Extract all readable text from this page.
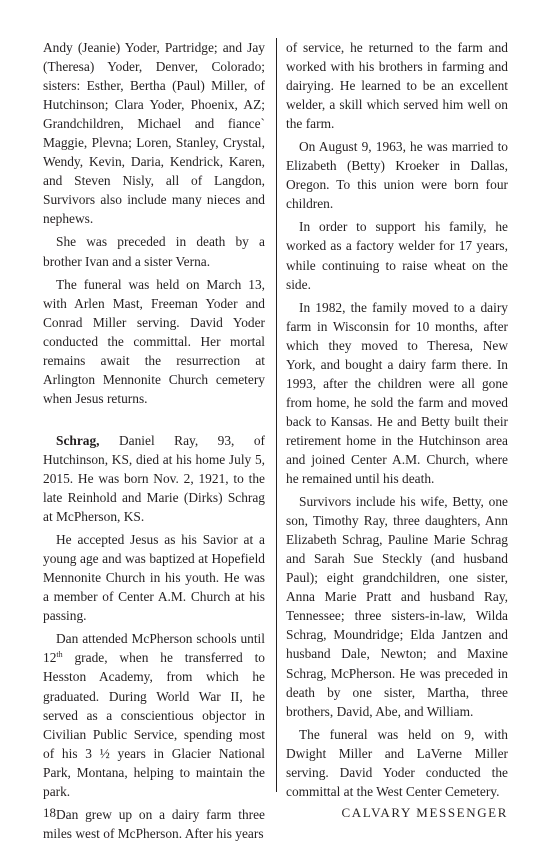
Andy (Jeanie) Yoder, Partridge; and Jay (Theresa) Yoder, Denver, Colorado; sisters: Esther, Bertha (Paul) Miller, of Hutchinson; Clara Yoder, Phoenix, AZ; Grandchildren, Michael and fiance` Maggie, Plevna; Loren, Stanley, Crystal, Wendy, Kevin, Daria, Kendrick, Karen, and Steven Nisly, all of Langdon, Survivors also include many nieces and nephews.

She was preceded in death by a brother Ivan and a sister Verna.

The funeral was held on March 13, with Arlen Mast, Freeman Yoder and Conrad Miller serving. David Yoder conducted the committal. Her mortal remains await the resurrection at Arlington Mennonite Church cemetery when Jesus returns.

Schrag, Daniel Ray, 93, of Hutchinson, KS, died at his home July 5, 2015. He was born Nov. 2, 1921, to the late Reinhold and Marie (Dirks) Schrag at McPherson, KS.

He accepted Jesus as his Savior at a young age and was baptized at Hopefield Mennonite Church in his youth. He was a member of Center A.M. Church at his passing.

Dan attended McPherson schools until 12th grade, when he transferred to Hesston Academy, from which he graduated. During World War II, he served as a conscientious objector in Civilian Public Service, spending most of his 3 ½ years in Glacier National Park, Montana, helping to maintain the park.

Dan grew up on a dairy farm three miles west of McPherson. After his years

of service, he returned to the farm and worked with his brothers in farming and dairying. He learned to be an excellent welder, a skill which served him well on the farm.

On August 9, 1963, he was married to Elizabeth (Betty) Kroeker in Dallas, Oregon. To this union were born four children.

In order to support his family, he worked as a factory welder for 17 years, while continuing to raise wheat on the side.

In 1982, the family moved to a dairy farm in Wisconsin for 10 months, after which they moved to Theresa, New York, and bought a dairy farm there. In 1993, after the children were all gone from home, he sold the farm and moved back to Kansas. He and Betty built their retirement home in the Hutchinson area and joined Center A.M. Church, where he remained until his death.

Survivors include his wife, Betty, one son, Timothy Ray, three daughters, Ann Elizabeth Schrag, Pauline Marie Schrag and Sarah Sue Steckly (and husband Paul); eight grandchildren, one sister, Anna Marie Pratt and husband Ray, Tennessee; three sisters-in-law, Wilda Schrag, Moundridge; Elda Jantzen and husband Dale, Newton; and Maxine Schrag, McPherson. He was preceded in death by one sister, Martha, three brothers, David, Abe, and William.

The funeral was held on 9, with Dwight Miller and LaVerne Miller serving. David Yoder conducted the committal at the West Center Cemetery.

18	CALVARY MESSENGER
